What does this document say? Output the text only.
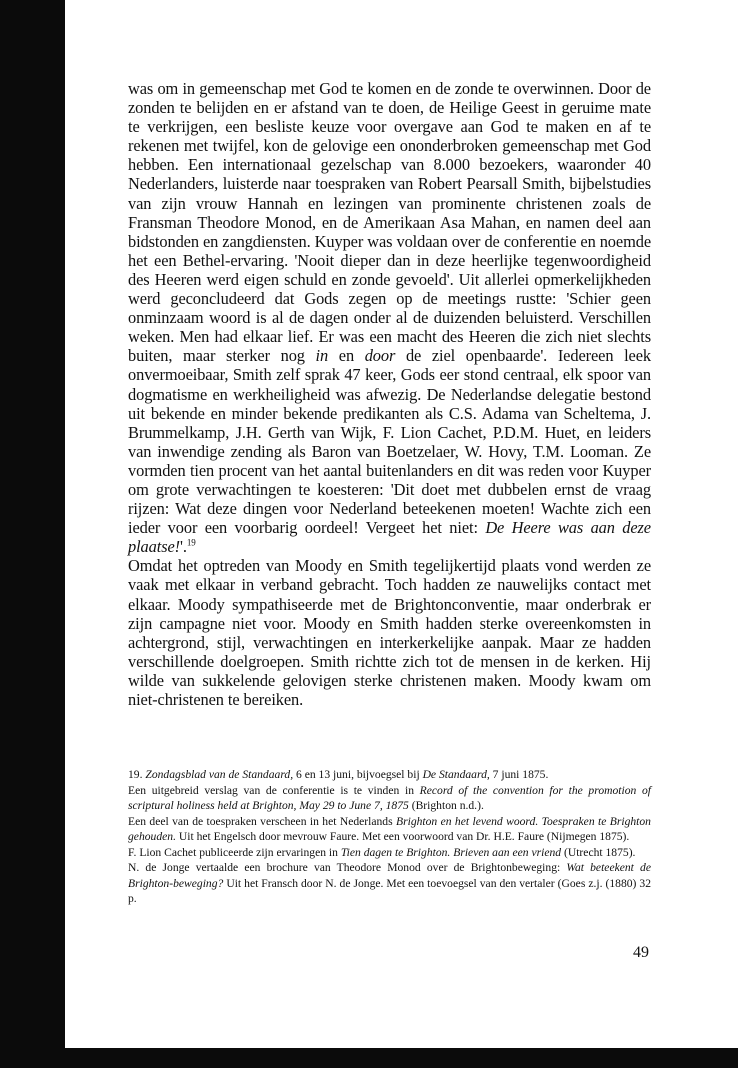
was om in gemeenschap met God te komen en de zonde te overwinnen. Door de zonden te belijden en er afstand van te doen, de Heilige Geest in geruime mate te verkrijgen, een besliste keuze voor overgave aan God te maken en af te rekenen met twijfel, kon de gelovige een ononderbroken gemeenschap met God hebben. Een internationaal gezelschap van 8.000 bezoekers, waaronder 40 Nederlanders, luisterde naar toespraken van Robert Pearsall Smith, bijbelstudies van zijn vrouw Hannah en lezingen van prominente christenen zoals de Fransman Theodore Monod, en de Amerikaan Asa Mahan, en namen deel aan bidstonden en zangdiensten. Kuyper was voldaan over de conferentie en noemde het een Bethel-ervaring. 'Nooit dieper dan in deze heerlijke tegenwoordigheid des Heeren werd eigen schuld en zonde gevoeld'. Uit allerlei opmerkelijkheden werd geconcludeerd dat Gods zegen op de meetings rustte: 'Schier geen onminzaam woord is al de dagen onder al de duizenden beluisterd. Verschillen weken. Men had elkaar lief. Er was een macht des Heeren die zich niet slechts buiten, maar sterker nog in en door de ziel openbaarde'. Iedereen leek onvermoeibaar, Smith zelf sprak 47 keer, Gods eer stond centraal, elk spoor van dogmatisme en werkheiligheid was afwezig. De Nederlandse delegatie bestond uit bekende en minder bekende predikanten als C.S. Adama van Scheltema, J. Brummelkamp, J.H. Gerth van Wijk, F. Lion Cachet, P.D.M. Huet, en leiders van inwendige zending als Baron van Boetzelaer, W. Hovy, T.M. Looman. Ze vormden tien procent van het aantal buitenlanders en dit was reden voor Kuyper om grote verwachtingen te koesteren: 'Dit doet met dubbelen ernst de vraag rijzen: Wat deze dingen voor Nederland beteekenen moeten! Wachte zich een ieder voor een voorbarig oordeel! Vergeet het niet: De Heere was aan deze plaatse!'.$^{19}$

Omdat het optreden van Moody en Smith tegelijkertijd plaats vond werden ze vaak met elkaar in verband gebracht. Toch hadden ze nauwelijks contact met elkaar. Moody sympathiseerde met de Brightonconventie, maar onderbrak er zijn campagne niet voor. Moody en Smith hadden sterke overeenkomsten in achtergrond, stijl, verwachtingen en interkerkelijke aanpak. Maar ze hadden verschillende doelgroepen. Smith richtte zich tot de mensen in de kerken. Hij wilde van sukkelende gelovigen sterke christenen maken. Moody kwam om niet-christenen te bereiken.

19. Zondagsblad van de Standaard, 6 en 13 juni, bijvoegsel bij De Standaard, 7 juni 1875.

Een uitgebreid verslag van de conferentie is te vinden in Record of the convention for the promotion of scriptural holiness held at Brighton, May 29 to June 7, 1875 (Brighton n.d.).

Een deel van de toespraken verscheen in het Nederlands Brighton en het levend woord. Toespraken te Brighton gehouden. Uit het Engelsch door mevrouw Faure. Met een voorwoord van Dr. H.E. Faure (Nijmegen 1875).

F. Lion Cachet publiceerde zijn ervaringen in Tien dagen te Brighton. Brieven aan een vriend (Utrecht 1875).

N. de Jonge vertaalde een brochure van Theodore Monod over de Brightonbeweging: Wat beteekent de Brighton-beweging? Uit het Fransch door N. de Jonge. Met een toevoegsel van den vertaler (Goes z.j. (1880) 32 p.

49
